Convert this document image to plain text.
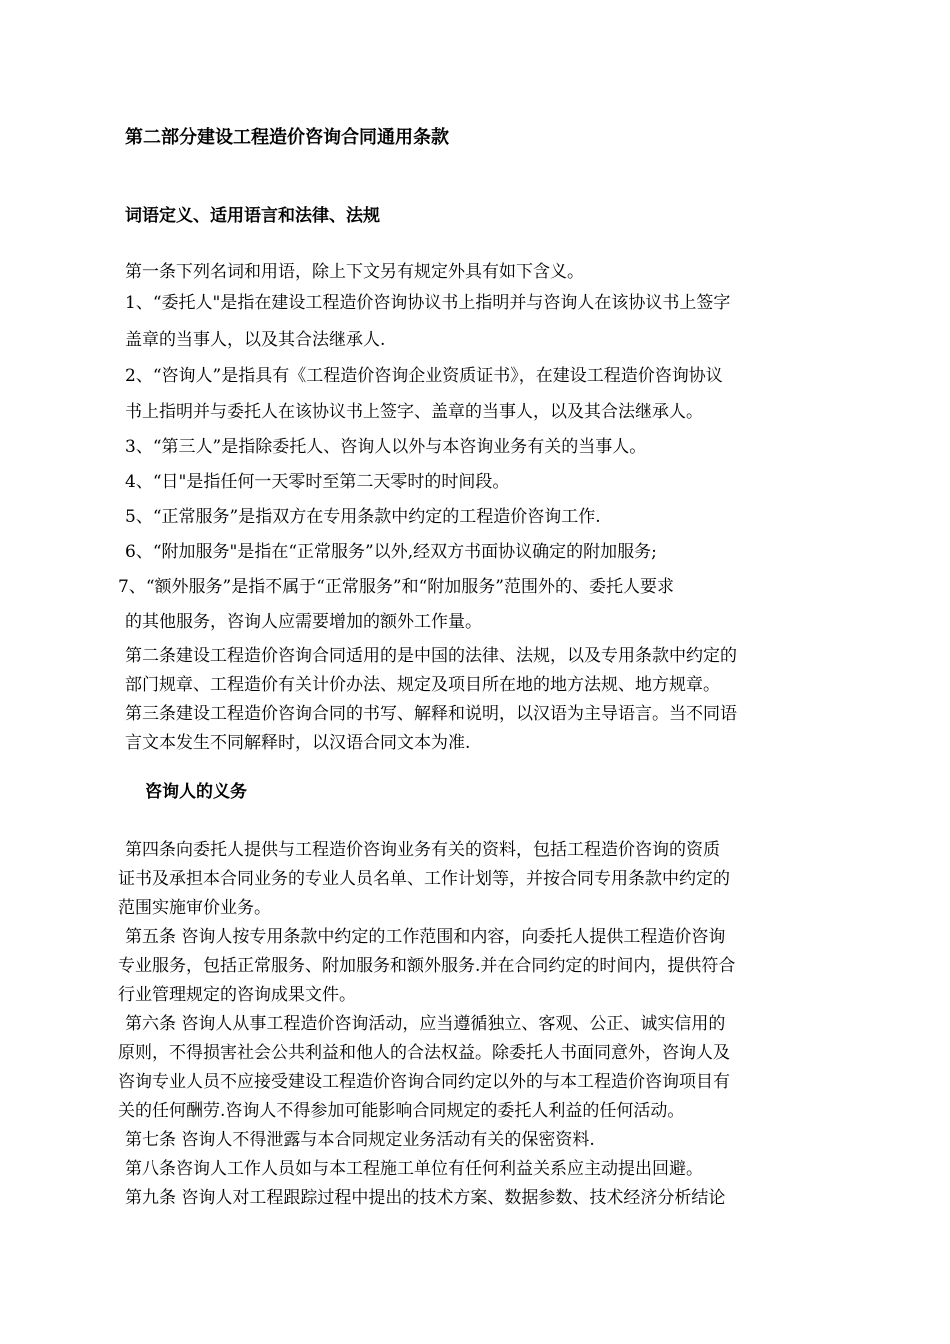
第二部分建设工程造价咨询合同通用条款
词语定义、适用语言和法律、法规
第一条下列名词和用语，除上下文另有规定外具有如下含义。
1、“委托人"是指在建设工程造价咨询协议书上指明并与咨询人在该协议书上签字
盖章的当事人，以及其合法继承人.
2、“咨询人”是指具有《工程造价咨询企业资质证书》，在建设工程造价咨询协议
书上指明并与委托人在该协议书上签字、盖章的当事人，以及其合法继承人。
3、“第三人”是指除委托人、咨询人以外与本咨询业务有关的当事人。
4、“日"是指任何一天零时至第二天零时的时间段。
5、“正常服务”是指双方在专用条款中约定的工程造价咨询工作.
6、“附加服务"是指在“正常服务”以外,经双方书面协议确定的附加服务;
7、“额外服务”是指不属于“正常服务”和“附加服务”范围外的、委托人要求
的其他服务，咨询人应需要增加的额外工作量。
第二条建设工程造价咨询合同适用的是中国的法律、法规，以及专用条款中约定的
部门规章、工程造价有关计价办法、规定及项目所在地的地方法规、地方规章。
第三条建设工程造价咨询合同的书写、解释和说明，以汉语为主导语言。当不同语
言文本发生不同解释时，以汉语合同文本为准.
咨询人的义务
第四条向委托人提供与工程造价咨询业务有关的资料，包括工程造价咨询的资质
证书及承担本合同业务的专业人员名单、工作计划等，并按合同专用条款中约定的
范围实施审价业务。
第五条 咨询人按专用条款中约定的工作范围和内容，向委托人提供工程造价咨询
专业服务，包括正常服务、附加服务和额外服务.并在合同约定的时间内，提供符合
行业管理规定的咨询成果文件。
第六条 咨询人从事工程造价咨询活动，应当遵循独立、客观、公正、诚实信用的
原则，不得损害社会公共利益和他人的合法权益。除委托人书面同意外，咨询人及
咨询专业人员不应接受建设工程造价咨询合同约定以外的与本工程造价咨询项目有
关的任何酬劳.咨询人不得参加可能影响合同规定的委托人利益的任何活动。
第七条 咨询人不得泄露与本合同规定业务活动有关的保密资料.
第八条咨询人工作人员如与本工程施工单位有任何利益关系应主动提出回避。
第九条 咨询人对工程跟踪过程中提出的技术方案、数据参数、技术经济分析结论
